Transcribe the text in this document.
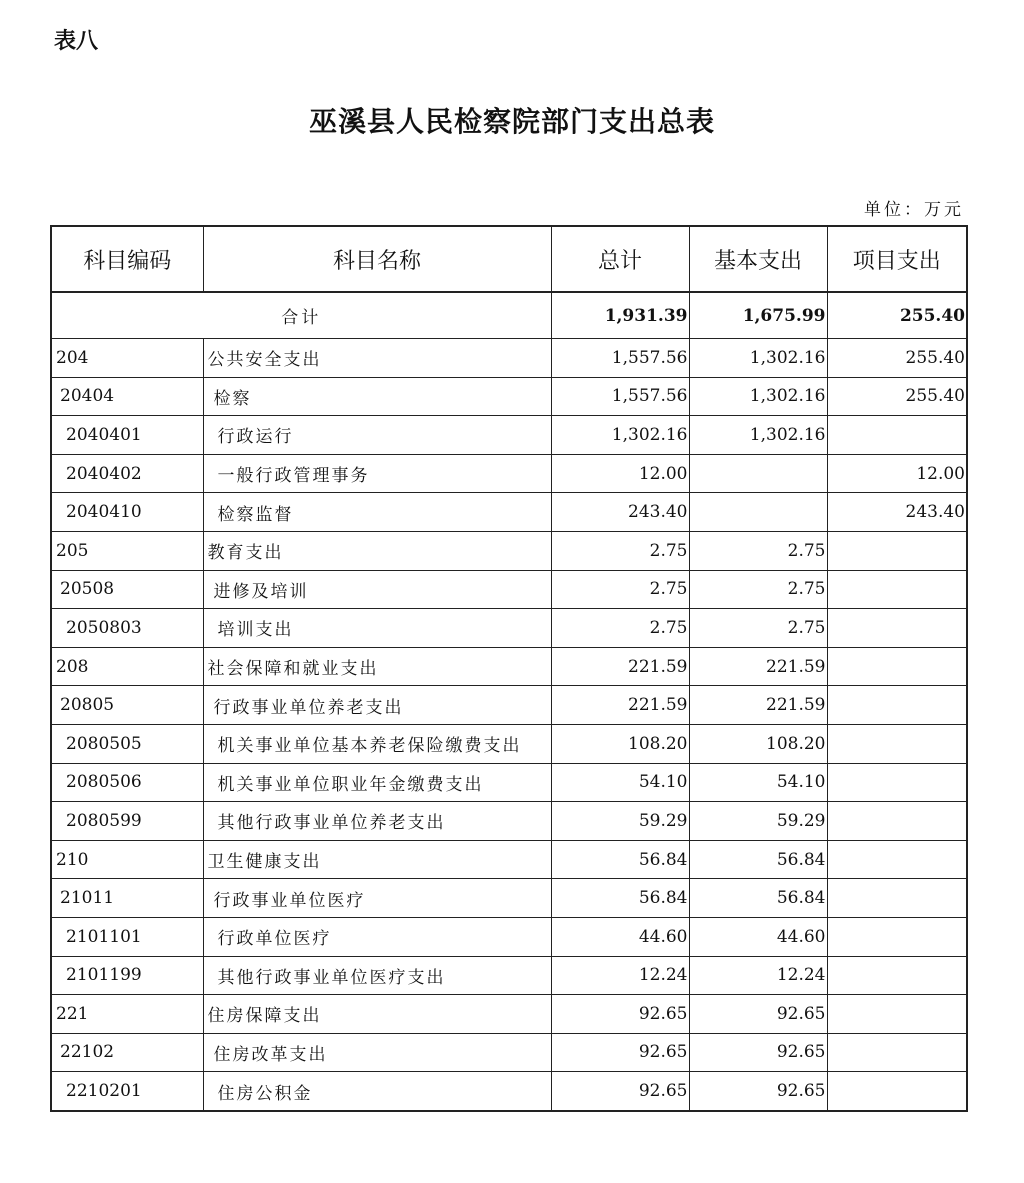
表八
巫溪县人民检察院部门支出总表
单位：万元
科目编码	科目名称	总计	基本支出	项目支出
合计		1,931.39	1,675.99	255.40
204	公共安全支出	1,557.56	1,302.16	255.40
20404	检察	1,557.56	1,302.16	255.40
2040401	行政运行	1,302.16	1,302.16	
2040402	一般行政管理事务	12.00		12.00
2040410	检察监督	243.40		243.40
205	教育支出	2.75	2.75	
20508	进修及培训	2.75	2.75	
2050803	培训支出	2.75	2.75	
208	社会保障和就业支出	221.59	221.59	
20805	行政事业单位养老支出	221.59	221.59	
2080505	机关事业单位基本养老保险缴费支出	108.20	108.20	
2080506	机关事业单位职业年金缴费支出	54.10	54.10	
2080599	其他行政事业单位养老支出	59.29	59.29	
210	卫生健康支出	56.84	56.84	
21011	行政事业单位医疗	56.84	56.84	
2101101	行政单位医疗	44.60	44.60	
2101199	其他行政事业单位医疗支出	12.24	12.24	
221	住房保障支出	92.65	92.65	
22102	住房改革支出	92.65	92.65	
2210201	住房公积金	92.65	92.65	
